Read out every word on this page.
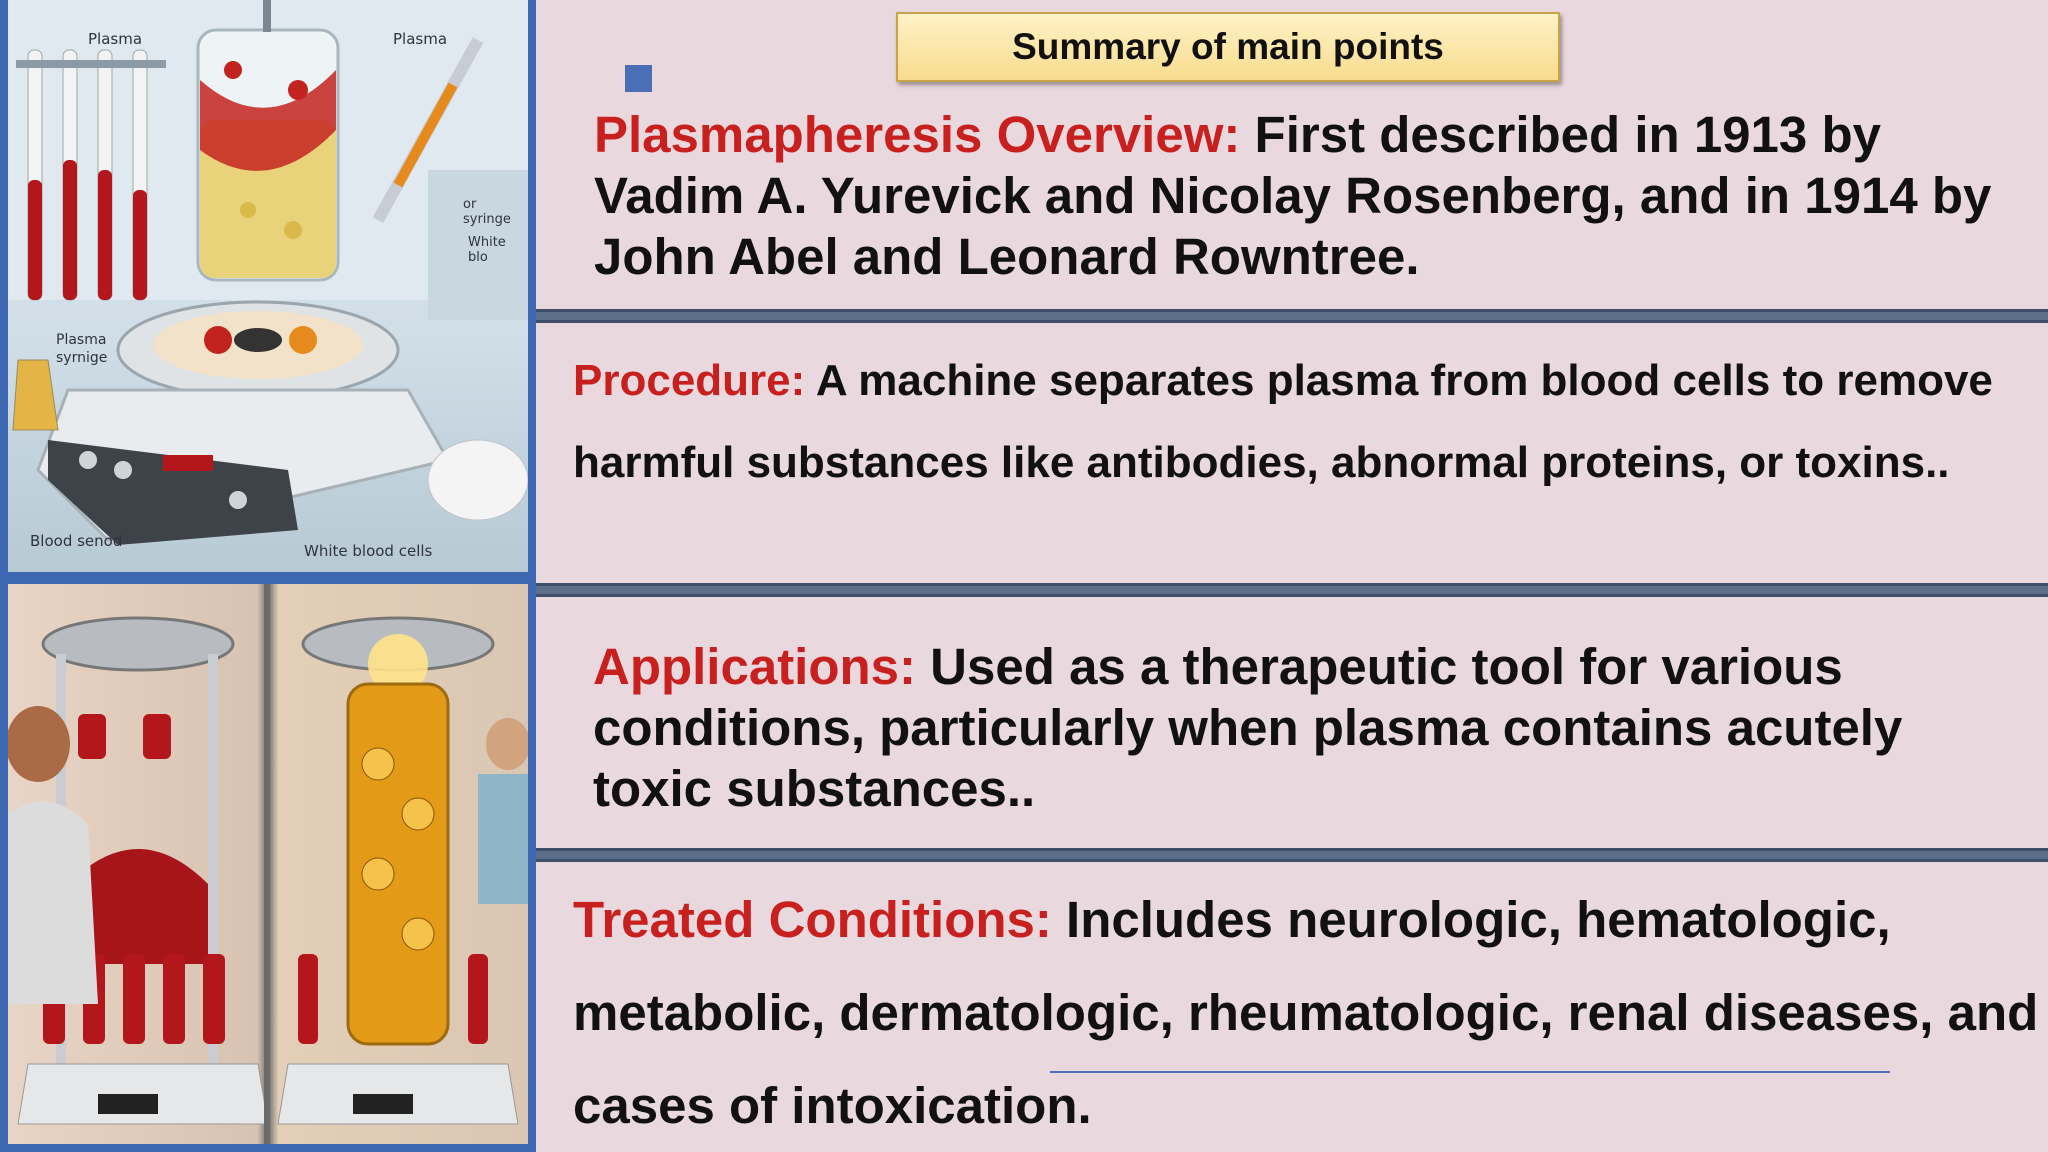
Plasma	Plasma
or syringe
White blo
Plasma
syrnige
Blood senod
White blood cells
Summary of main points
Plasmapheresis Overview: First described in 1913 by Vadim A. Yurevick and Nicolay Rosenberg, and in 1914 by John Abel and Leonard Rowntree.
Procedure: A machine separates plasma from blood cells to remove harmful substances like antibodies, abnormal proteins, or toxins..
Applications: Used as a therapeutic tool for various conditions, particularly when plasma contains acutely toxic substances..
Treated Conditions: Includes neurologic, hematologic, metabolic, dermatologic, rheumatologic, renal diseases, and cases of intoxication.
